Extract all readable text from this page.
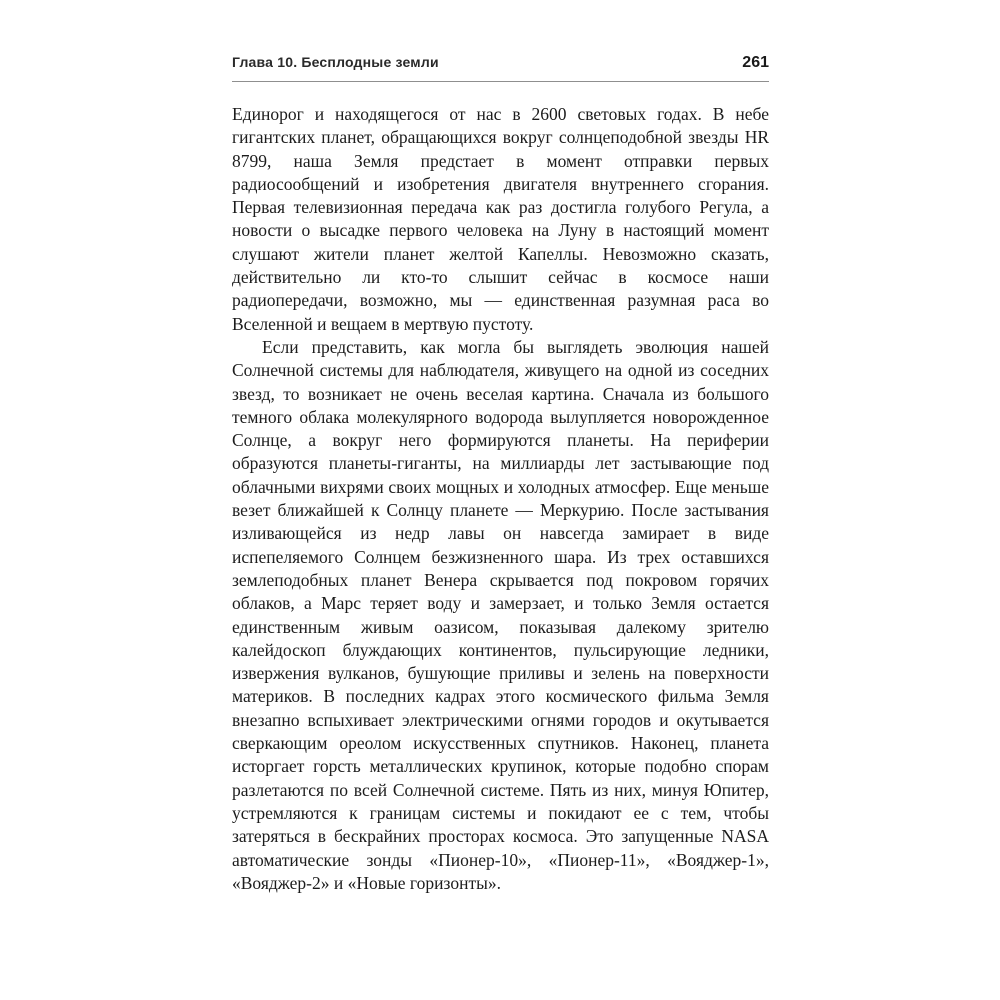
Глава 10. Бесплодные земли	261

Единорог и находящегося от нас в 2600 световых годах. В небе гигантских планет, обращающихся вокруг солнцеподобной звезды HR 8799, наша Земля предстает в момент отправки первых радиосообщений и изобретения двигателя внутреннего сгорания. Первая телевизионная передача как раз достигла голубого Регула, а новости о высадке первого человека на Луну в настоящий момент слушают жители планет желтой Капеллы. Невозможно сказать, действительно ли кто-то слышит сейчас в космосе наши радиопередачи, возможно, мы — единственная разумная раса во Вселенной и вещаем в мертвую пустоту.

Если представить, как могла бы выглядеть эволюция нашей Солнечной системы для наблюдателя, живущего на одной из соседних звезд, то возникает не очень веселая картина. Сначала из большого темного облака молекулярного водорода вылупляется новорожденное Солнце, а вокруг него формируются планеты. На периферии образуются планеты-гиганты, на миллиарды лет застывающие под облачными вихрями своих мощных и холодных атмосфер. Еще меньше везет ближайшей к Солнцу планете — Меркурию. После застывания изливающейся из недр лавы он навсегда замирает в виде испепеляемого Солнцем безжизненного шара. Из трех оставшихся землеподобных планет Венера скрывается под покровом горячих облаков, а Марс теряет воду и замерзает, и только Земля остается единственным живым оазисом, показывая далекому зрителю калейдоскоп блуждающих континентов, пульсирующие ледники, извержения вулканов, бушующие приливы и зелень на поверхности материков. В последних кадрах этого космического фильма Земля внезапно вспыхивает электрическими огнями городов и окутывается сверкающим ореолом искусственных спутников. Наконец, планета исторгает горсть металлических крупинок, которые подобно спорам разлетаются по всей Солнечной системе. Пять из них, минуя Юпитер, устремляются к границам системы и покидают ее с тем, чтобы затеряться в бескрайних просторах космоса. Это запущенные NASA автоматические зонды «Пионер-10», «Пионер-11», «Вояджер-1», «Вояджер-2» и «Новые горизонты».
